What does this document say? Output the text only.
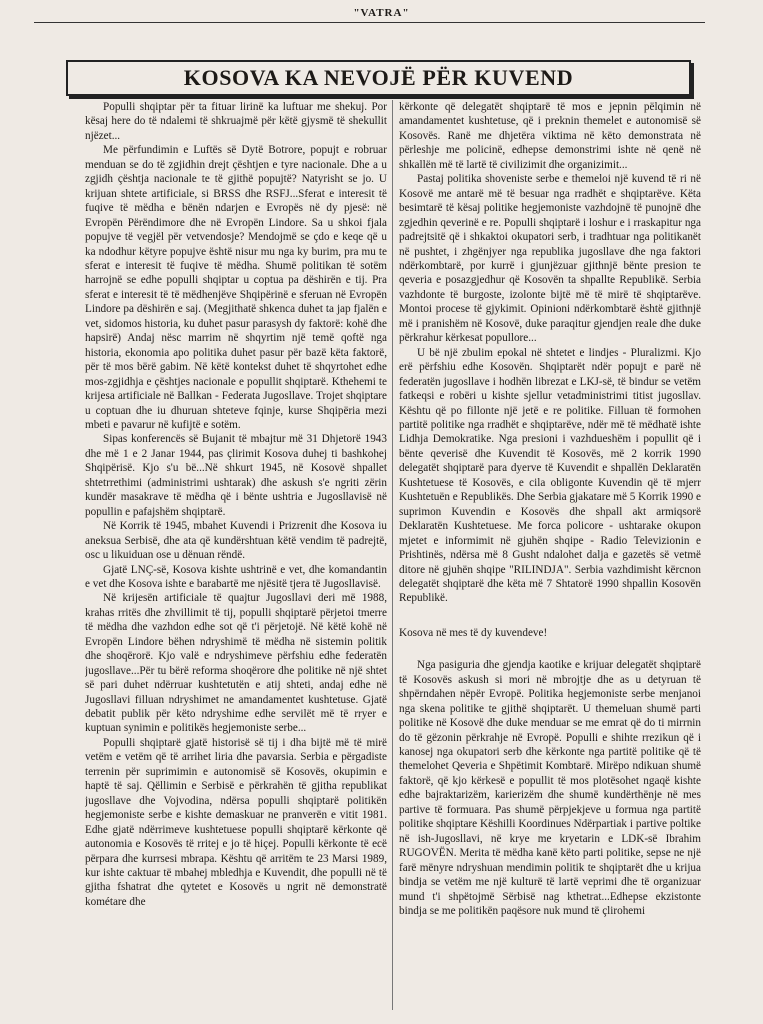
"VATRA"
KOSOVA KA NEVOJË PËR KUVEND

Populli shqiptar për ta fituar lirinë ka luftuar me shekuj. Por kësaj here do të ndalemi të shkruajmë për këtë gjysmë të shekullit njëzet...

Me përfundimin e Luftës së Dytë Botrore, popujt e robruar menduan se do të zgjidhin drejt çështjen e tyre nacionale. Dhe a u zgjidh çështja nacionale te të gjithë popujtë? Natyrisht se jo. U krijuan shtete artificiale, si BRSS dhe RSFJ...Sferat e interesit të fuqive të mëdha e bënën ndarjen e Evropës në dy pjesë: në Evropën Përëndimore dhe në Evropën Lindore. Sa u shkoi fjala popujve të vegjël për vetvendosje? Mendojmë se çdo e keqe që u ka ndodhur këtyre popujve është nisur mu nga ky burim, pra mu te sferat e interesit të fuqive të mëdha. Shumë politikan të sotëm harrojnë se edhe populli shqiptar u coptua pa dëshirën e tij. Pra sferat e interesit të të mëdhenjëve Shqipërinë e sferuan në Evropën Lindore pa dëshirën e saj. (Megjithatë shkenca duhet ta jap fjalën e vet, sidomos historia, ku duhet pasur parasysh dy faktorë: kohë dhe hapsirë) Andaj nësc marrim në shqyrtim një temë qoftë nga historia, ekonomia apo politika duhet pasur për bazë këta faktorë, për të mos bërë gabim. Në këtë kontekst duhet të shqyrtohet edhe mos-zgjidhja e çështjes nacionale e popullit shqiptarë. Kthehemi te krijesa artificiale në Ballkan - Federata Jugosllave. Trojet shqiptare u coptuan dhe iu dhuruan shteteve fqinje, kurse Shqipëria mezi mbeti e pavarur në kufijtë e sotëm.

Sipas konferencës së Bujanit të mbajtur më 31 Dhjetorë 1943 dhe më 1 e 2 Janar 1944, pas çlirimit Kosova duhej ti bashkohej Shqipërisë. Kjo s'u bë...Në shkurt 1945, në Kosovë shpallet shtetrrethimi (administrimi ushtarak) dhe askush s'e ngriti zërin kundër masakrave të mëdha që i bënte ushtria e Jugosllavisë në popullin e pafajshëm shqiptarë.

Në Korrik të 1945, mbahet Kuvendi i Prizrenit dhe Kosova iu aneksua Serbisë, dhe ata që kundërshtuan këtë vendim të padrejtë, osc u likuiduan ose u dënuan rëndë.

Gjatë LNÇ-së, Kosova kishte ushtrinë e vet, dhe komandantin e vet dhe Kosova ishte e barabartë me njësitë tjera të Jugosllavisë.

Në krijesën artificiale të quajtur Jugosllavi deri më 1988, krahas rritës dhe zhvillimit të tij, populli shqiptarë përjetoi tmerre të mëdha dhe vazhdon edhe sot që t'i përjetojë. Në këtë kohë në Evropën Lindore bëhen ndryshimë të mëdha në sistemin politik dhe shoqërorë. Kjo valë e ndryshimeve përfshiu edhe federatën jugosllave...Për tu bërë reforma shoqërore dhe politike në një shtet së pari duhet ndërruar kushtetutën e atij shteti, andaj edhe në Jugosllavi filluan ndryshimet ne amandamentet kushtetuse. Gjatë debatit publik për këto ndryshime edhe servilët më të rryer e kuptuan synimin e politikës hegjemoniste serbe...

Populli shqiptarë gjatë historisë së tij i dha bijtë më të mirë vetëm e vetëm që të arrihet liria dhe pavarsia. Serbia e përgadiste terrenin për suprimimin e autonomisë së Kosovës, okupimin e haptë të saj. Qëllimin e Serbisë e përkrahën të gjitha republikat jugosllave dhe Vojvodina, ndërsa populli shqiptarë politikën hegjemoniste serbe e kishte demaskuar ne pranverën e vitit 1981. Edhe gjatë ndërrimeve kushtetuese populli shqiptarë kërkonte që autonomia e Kosovës të rritej e jo të hiçej. Populli kërkonte të ecë përpara dhe kurrsesi mbrapa. Kështu që arritëm te 23 Marsi 1989, kur ishte caktuar të mbahej mbledhja e Kuvendit, dhe populli në të gjitha fshatrat dhe qytetet e Kosovës u ngrit në demonstratë kométare dhe

kërkonte që delegatët shqiptarë të mos e jepnin pëlqimin në amandamentet kushtetuse, që i preknin themelet e autonomisë së Kosovës. Ranë me dhjetëra viktima në këto demonstrata në përleshje me policinë, edhepse demonstrimi ishte në qenë në shkallën më të lartë të civilizimit dhe organizimit...

Pastaj politika shoveniste serbe e themeloi një kuvend të ri në Kosovë me antarë më të besuar nga rradhët e shqiptarëve. Këta besimtarë të kësaj politike hegjemoniste vazhdojnë të punojnë dhe zgjedhin qeverinë e re. Populli shqiptarë i loshur e i rraskapitur nga padrejtsitë që i shkaktoi okupatori serb, i tradhtuar nga politikanët në pushtet, i zhgënjyer nga republika jugosllave dhe nga faktori ndërkombtarë, por kurrë i gjunjëzuar gjithnjë bënte presion te qeveria e posazgjedhur që Kosovën ta shpallte Republikë. Serbia vazhdonte të burgoste, izolonte bijtë më të mirë të shqiptarëve. Montoi procese të gjykimit. Opinioni ndërkombtarë është gjithnjë më i pranishëm në Kosovë, duke paraqitur gjendjen reale dhe duke përkrahur kërkesat popullore...

U bë një zbulim epokal në shtetet e lindjes - Pluralizmi. Kjo erë përfshiu edhe Kosovën. Shqiptarët ndër popujt e parë në federatën jugosllave i hodhën librezat e LKJ-së, të bindur se vetëm fatkeqsi e robëri u kishte sjellur vetadministrimi titist jugosllav. Kështu që po fillonte një jetë e re politike. Filluan të formohen partitë politike nga rradhët e shqiptarëve, ndër më të mëdhatë ishte Lidhja Demokratike. Nga presioni i vazhdueshëm i popullit që i bënte qeverisë dhe Kuvendit të Kosovës, më 2 korrik 1990 delegatët shqiptarë para dyerve të Kuvendit e shpallën Deklaratën Kushtetuese të Kosovës, e cila obligonte Kuvendin që të mjerr Kushtetuën e Republikës. Dhe Serbia gjakatare më 5 Korrik 1990 e suprimon Kuvendin e Kosovës dhe shpall akt armiqsorë Deklaratën Kushtetuese. Me forca policore - ushtarake okupon mjetet e informimit në gjuhën shqipe - Radio Televizionin e Prishtinës, ndërsa më 8 Gusht ndalohet dalja e gazetës së vetmë ditore në gjuhën shqipe "RILINDJA". Serbia vazhdimisht kërcnon delegatët shqiptarë dhe këta më 7 Shtatorë 1990 shpallin Kosovën Republikë.

Kosova në mes të dy kuvendeve!

Nga pasiguria dhe gjendja kaotike e krijuar delegatët shqiptarë të Kosovës askush si mori në mbrojtje dhe as u detyruan të shpërndahen nëpër Evropë. Politika hegjemoniste serbe menjanoi nga skena politike te gjithë shqiptarët. U themeluan shumë parti politike në Kosovë dhe duke menduar se me emrat që do ti mirrnin do të gëzonin përkrahje në Evropë. Populli e shihte rrezikun që i kanosej nga okupatori serb dhe kërkonte nga partitë politike që të themelohet Qeveria e Shpëtimit Kombtarë. Mirëpo ndikuan shumë faktorë, që kjo kërkesë e popullit të mos plotësohet ngaqë kishte edhe bajraktarizëm, karierizëm dhe shumë kundërthënje në mes partive të formuara. Pas shumë përpjekjeve u formua nga partitë politike shqiptare Këshilli Koordinues Ndërpartiak i partive poltike në ish-Jugosllavi, në krye me kryetarin e LDK-së Ibrahim RUGOVËN. Merita të mëdha kanë këto parti politike, sepse ne një farë mënyre ndryshuan mendimin politik te shqiptarët dhe u krijua bindja se vetëm me një kulturë të lartë veprimi dhe të organizuar mund t'i shpëtojmë Sërbisë nag kthetrat...Edhepse ekzistonte bindja se me politikën paqësore nuk mund të çlirohemi
